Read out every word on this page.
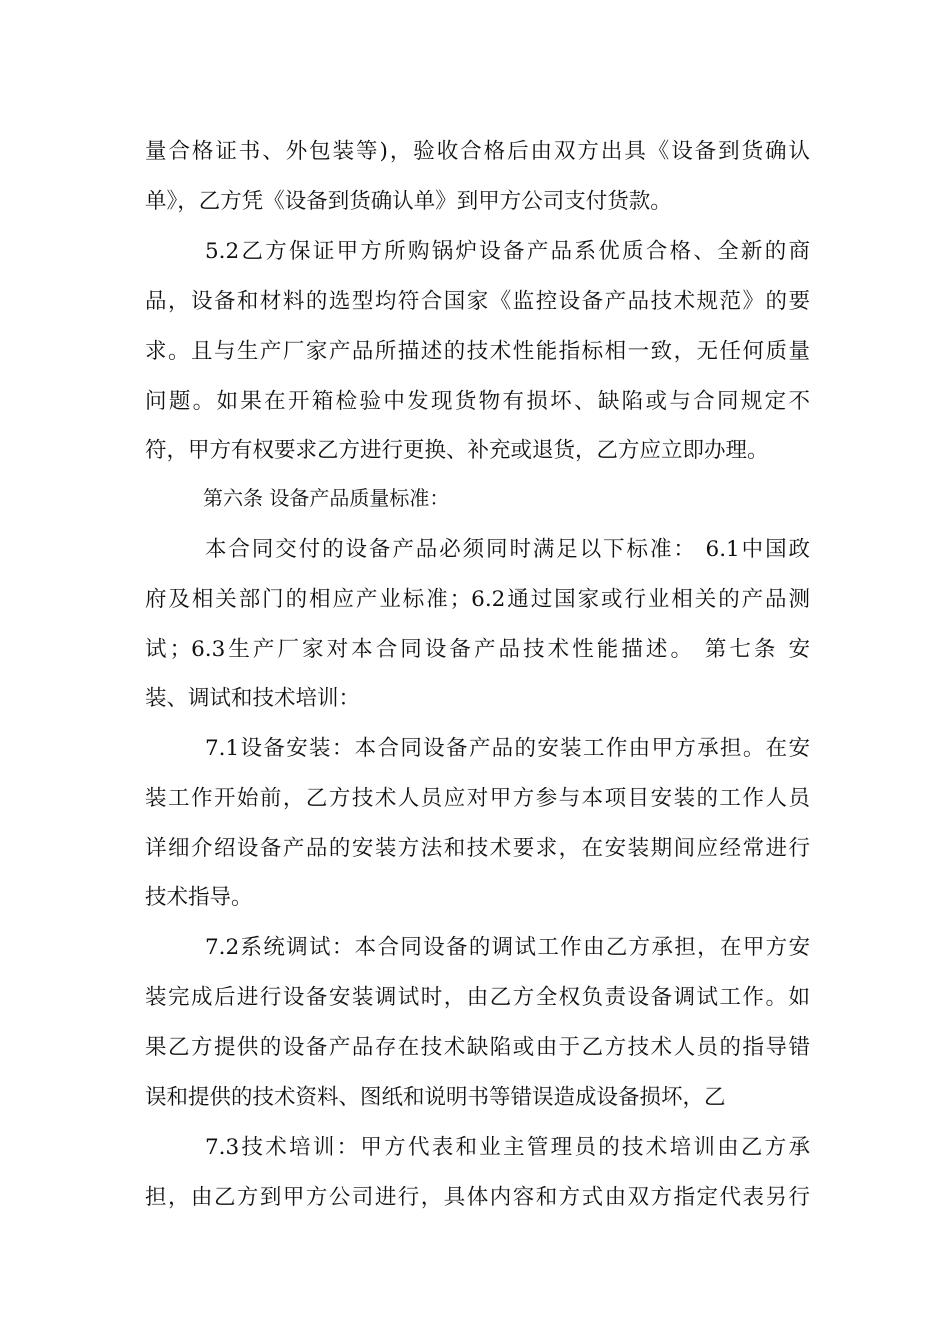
量合格证书、外包装等)，验收合格后由双方出具《设备到货确认
单》，乙方凭《设备到货确认单》到甲方公司支付货款。
5.2乙方保证甲方所购锅炉设备产品系优质合格、全新的商
品，设备和材料的选型均符合国家《监控设备产品技术规范》的要
求。且与生产厂家产品所描述的技术性能指标相一致，无任何质量
问题。如果在开箱检验中发现货物有损坏、缺陷或与合同规定不
符，甲方有权要求乙方进行更换、补充或退货，乙方应立即办理。
第六条 设备产品质量标准：
本合同交付的设备产品必须同时满足以下标准： 6.1中国政
府及相关部门的相应产业标准；6.2通过国家或行业相关的产品测
试；6.3生产厂家对本合同设备产品技术性能描述。 第七条 安
装、调试和技术培训：
7.1设备安装：本合同设备产品的安装工作由甲方承担。在安
装工作开始前，乙方技术人员应对甲方参与本项目安装的工作人员
详细介绍设备产品的安装方法和技术要求，在安装期间应经常进行
技术指导。
7.2系统调试：本合同设备的调试工作由乙方承担，在甲方安
装完成后进行设备安装调试时，由乙方全权负责设备调试工作。如
果乙方提供的设备产品存在技术缺陷或由于乙方技术人员的指导错
误和提供的技术资料、图纸和说明书等错误造成设备损坏，乙
7.3技术培训：甲方代表和业主管理员的技术培训由乙方承
担，由乙方到甲方公司进行，具体内容和方式由双方指定代表另行
